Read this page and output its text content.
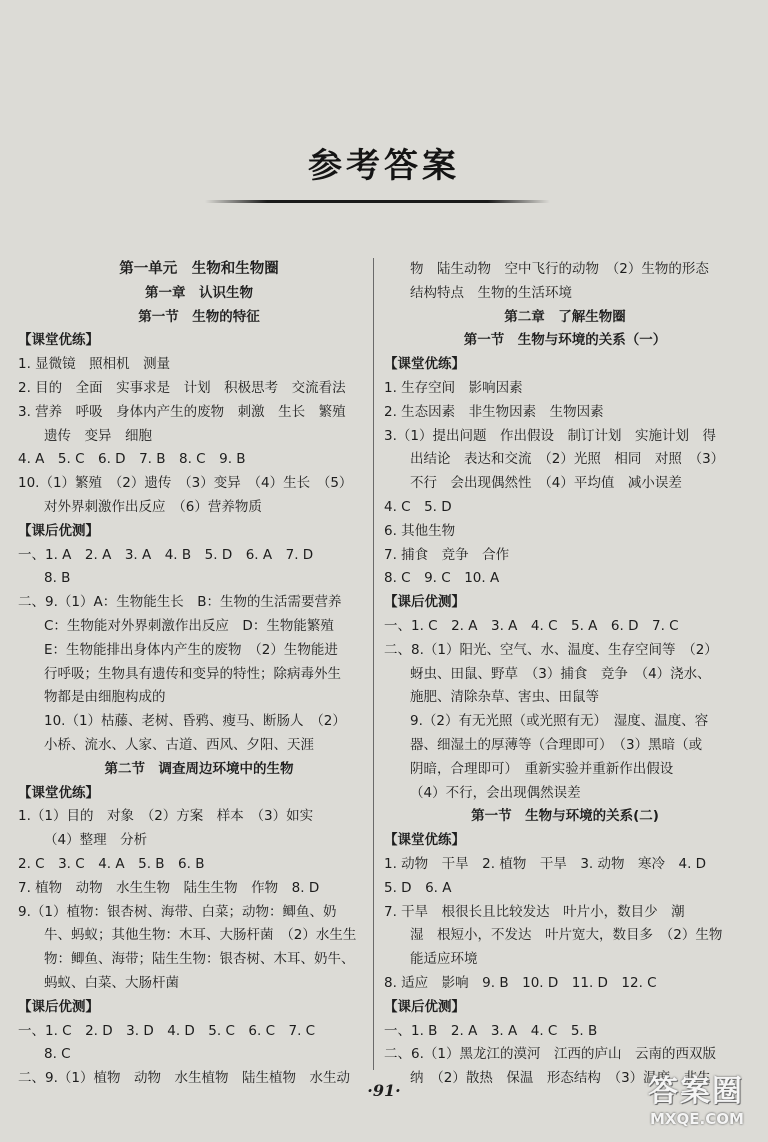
参考答案
第一单元　生物和生物圈
第一章　认识生物
第一节　生物的特征
【课堂优练】
1. 显微镜　照相机　测量
2. 目的　全面　实事求是　计划　积极思考　交流看法
3. 营养　呼吸　身体内产生的废物　刺激　生长　繁殖
遗传　变异　细胞
4. A　5. C　6. D　7. B　8. C　9. B
10.（1）繁殖　（2）遗传　（3）变异　（4）生长　（5）
对外界刺激作出反应　（6）营养物质
【课后优测】
一、1. A　2. A　3. A　4. B　5. D　6. A　7. D
8. B
二、9.（1）A：生物能生长　B：生物的生活需要营养
C：生物能对外界刺激作出反应　D：生物能繁殖
E：生物能排出身体内产生的废物　（2）生物能进
行呼吸；生物具有遗传和变异的特性；除病毒外生
物都是由细胞构成的
10.（1）枯藤、老树、昏鸦、瘦马、断肠人　（2）
小桥、流水、人家、古道、西风、夕阳、天涯
第二节　调查周边环境中的生物
【课堂优练】
1.（1）目的　对象　（2）方案　样本　（3）如实
（4）整理　分析
2. C　3. C　4. A　5. B　6. B
7. 植物　动物　水生生物　陆生生物　作物　8. D
9.（1）植物：银杏树、海带、白菜；动物：鲫鱼、奶
牛、蚂蚁；其他生物：木耳、大肠杆菌　（2）水生生
物：鲫鱼、海带；陆生生物：银杏树、木耳、奶牛、
蚂蚁、白菜、大肠杆菌
【课后优测】
一、1. C　2. D　3. D　4. D　5. C　6. C　7. C
8. C
二、9.（1）植物　动物　水生植物　陆生植物　水生动
物　陆生动物　空中飞行的动物　（2）生物的形态
结构特点　生物的生活环境
第二章　了解生物圈
第一节　生物与环境的关系（一）
【课堂优练】
1. 生存空间　影响因素
2. 生态因素　非生物因素　生物因素
3.（1）提出问题　作出假设　制订计划　实施计划　得
出结论　表达和交流　（2）光照　相同　对照　（3）
不行　会出现偶然性　（4）平均值　减小误差
4. C　5. D
6. 其他生物
7. 捕食　竞争　合作
8. C　9. C　10. A
【课后优测】
一、1. C　2. A　3. A　4. C　5. A　6. D　7. C
二、8.（1）阳光、空气、水、温度、生存空间等　（2）
蚜虫、田鼠、野草　（3）捕食　竞争　（4）浇水、
施肥、清除杂草、害虫、田鼠等
9.（2）有无光照（或光照有无）　湿度、温度、容
器、细湿土的厚薄等（合理即可）　（3）黑暗（或
阴暗，合理即可）　重新实验并重新作出假设
（4）不行，会出现偶然误差
第一节　生物与环境的关系(二)
【课堂优练】
1. 动物　干旱　2. 植物　干旱　3. 动物　寒冷　4. D
5. D　6. A
7. 干旱　根很长且比较发达　叶片小，数目少　潮
湿　根短小，不发达　叶片宽大，数目多　（2）生物
能适应环境
8. 适应　影响　9. B　10. D　11. D　12. C
【课后优测】
一、1. B　2. A　3. A　4. C　5. B
二、6.（1）黑龙江的漠河　江西的庐山　云南的西双版
纳　（2）散热　保温　形态结构　（3）温度　非生
·91·	答案圈
MXQE.COM
